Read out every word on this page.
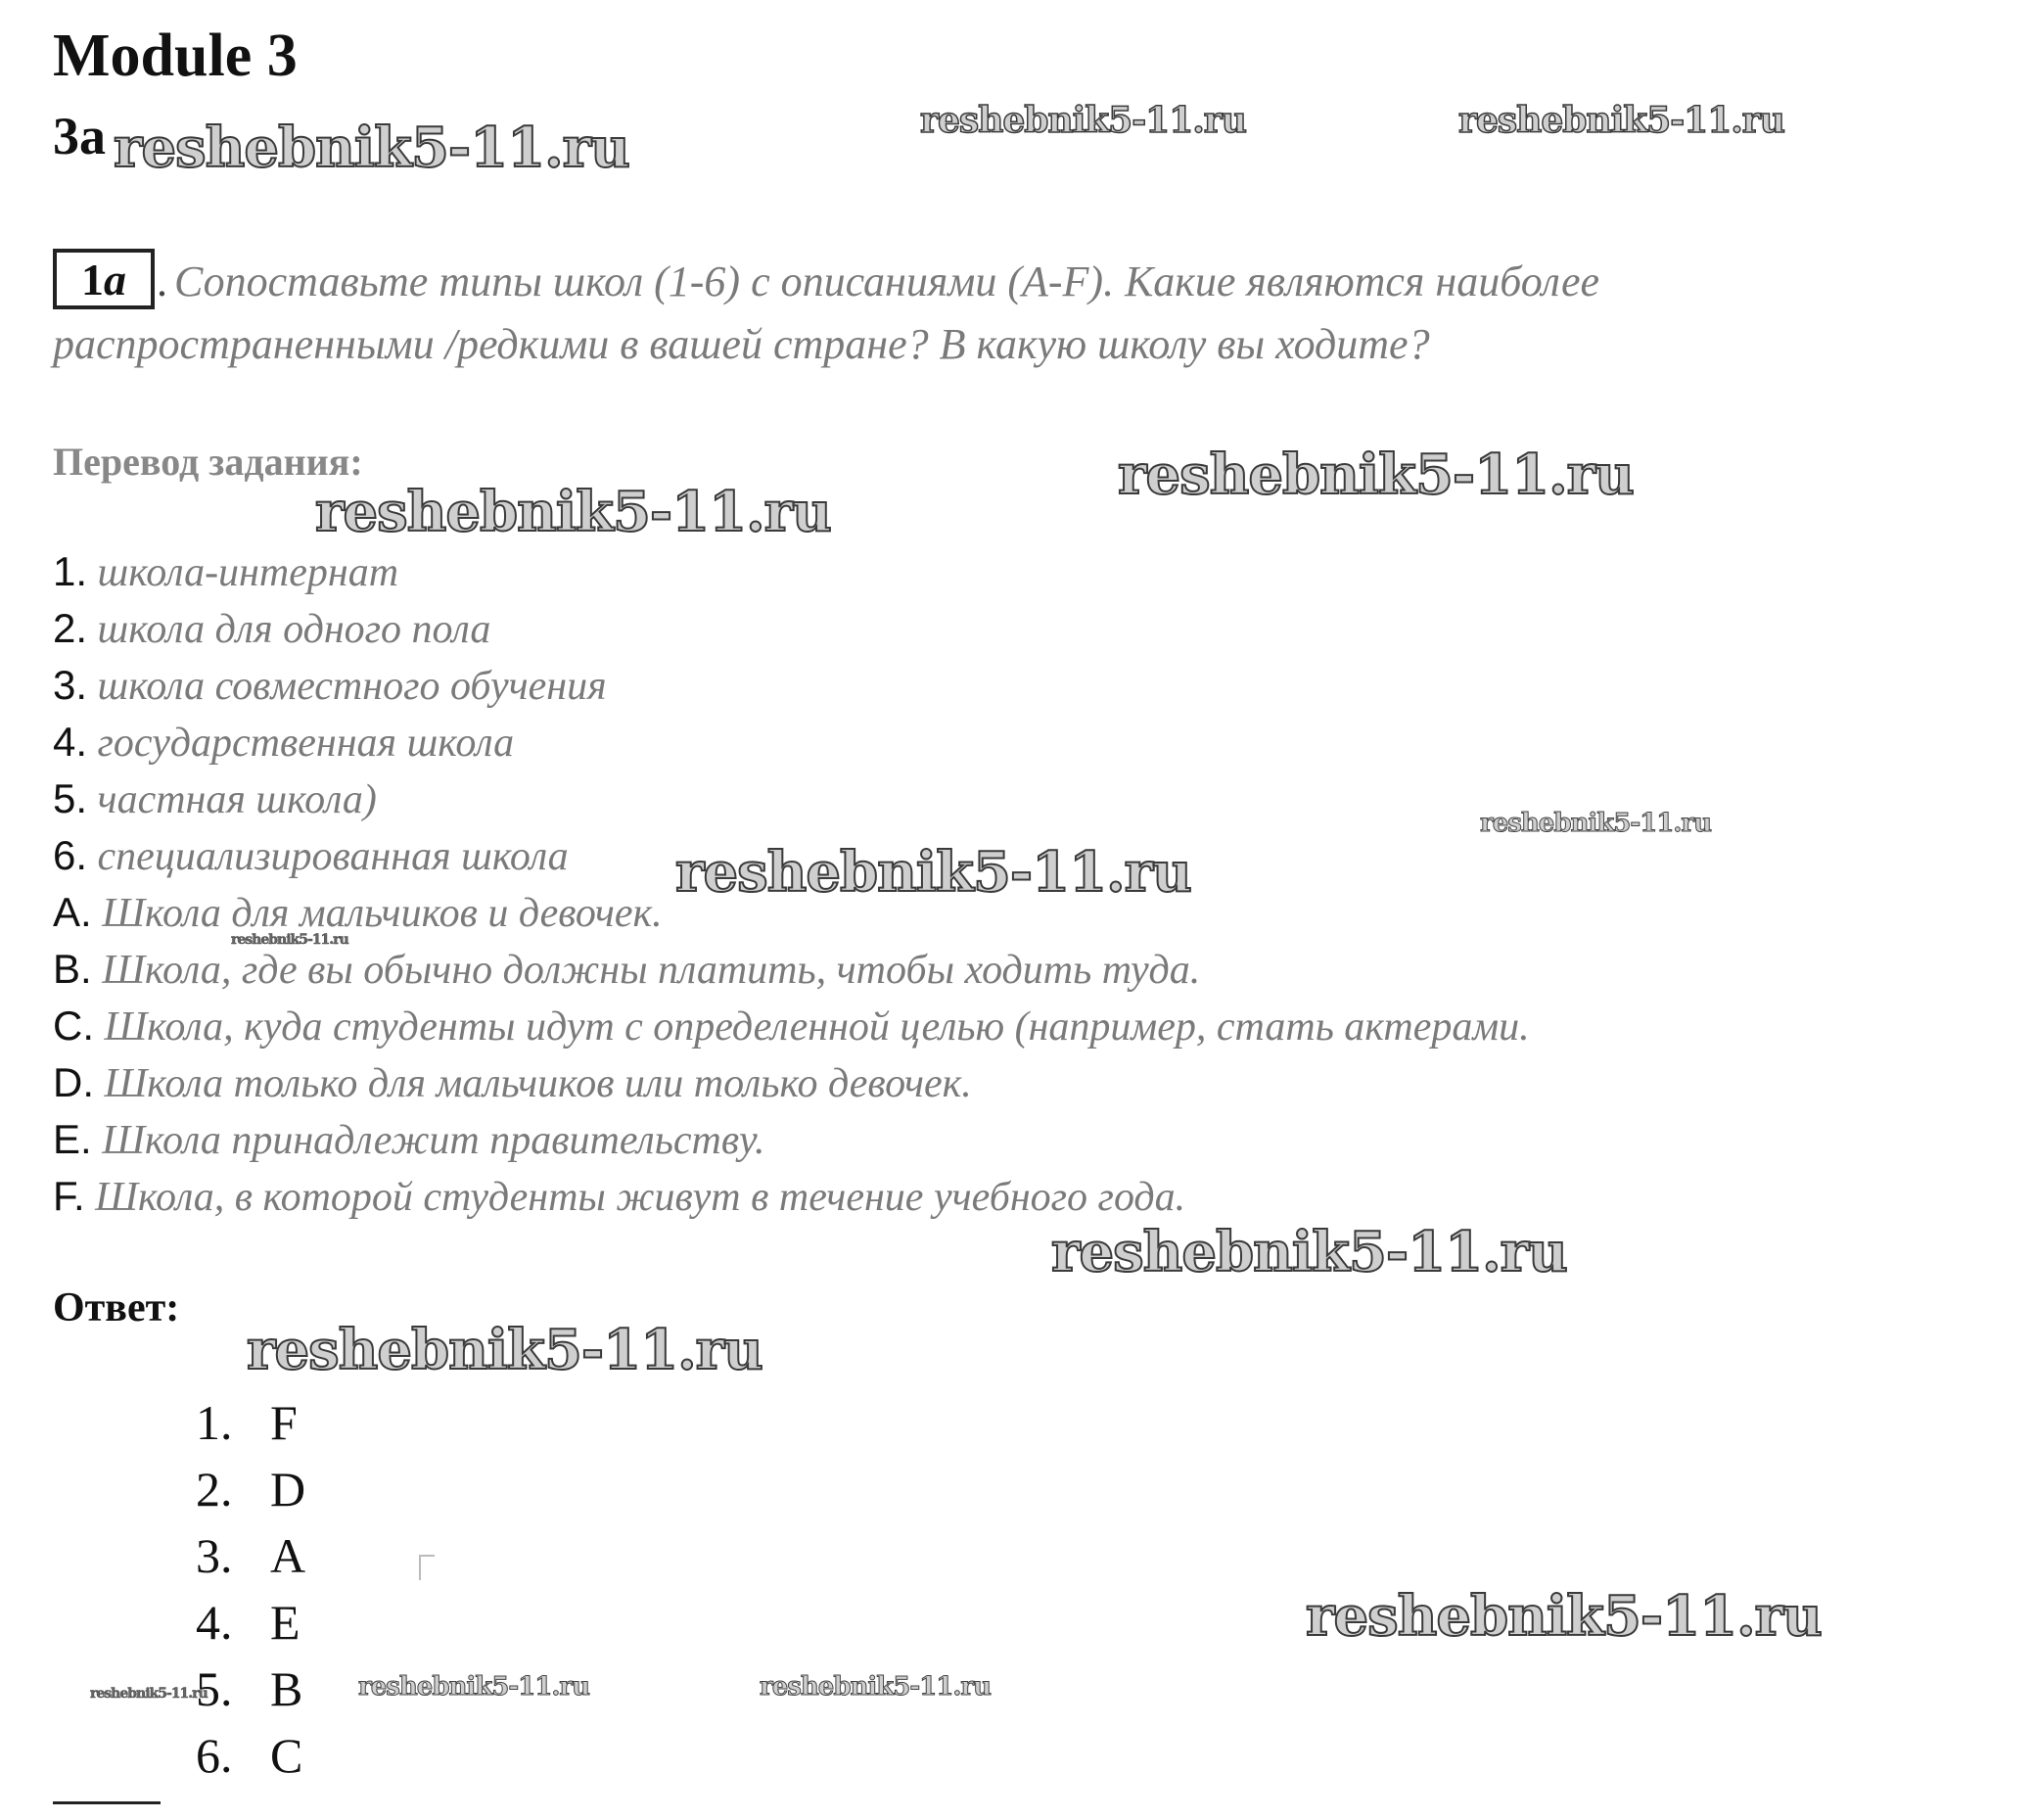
Module 3
3a
1 a . Сопоставьте типы школ (1-6) с описаниями (A-F). Какие являются наиболее
распространенными /редкими в вашей стране? В какую школу вы ходите?
Перевод задания:
1. школа-интернат
2. школа для одного пола
3. школа совместного обучения
4. государственная школа
5. частная школа)
6. специализированная школа
A. Школа для мальчиков и девочек.
B. Школа, где вы обычно должны платить, чтобы ходить туда.
C. Школа, куда студенты идут с определенной целью (например, стать актерами.
D. Школа только для мальчиков или только девочек.
E. Школа принадлежит правительству.
F. Школа, в которой студенты живут в течение учебного года.
Ответ:
1. F
2. D
3. A
4. E
5. B
6. C
reshebnik5-11.ru	reshebnik5-11.ru	reshebnik5-11.ru
reshebnik5-11.ru
reshebnik5-11.ru
reshebnik5-11.ru
reshebnik5-11.ru
reshebnik5-11.ru
reshebnik5-11.ru
reshebnik5-11.ru
reshebnik5-11.ru
reshebnik5-11.ru	reshebnik5-11.ru	reshebnik5-11.ru
